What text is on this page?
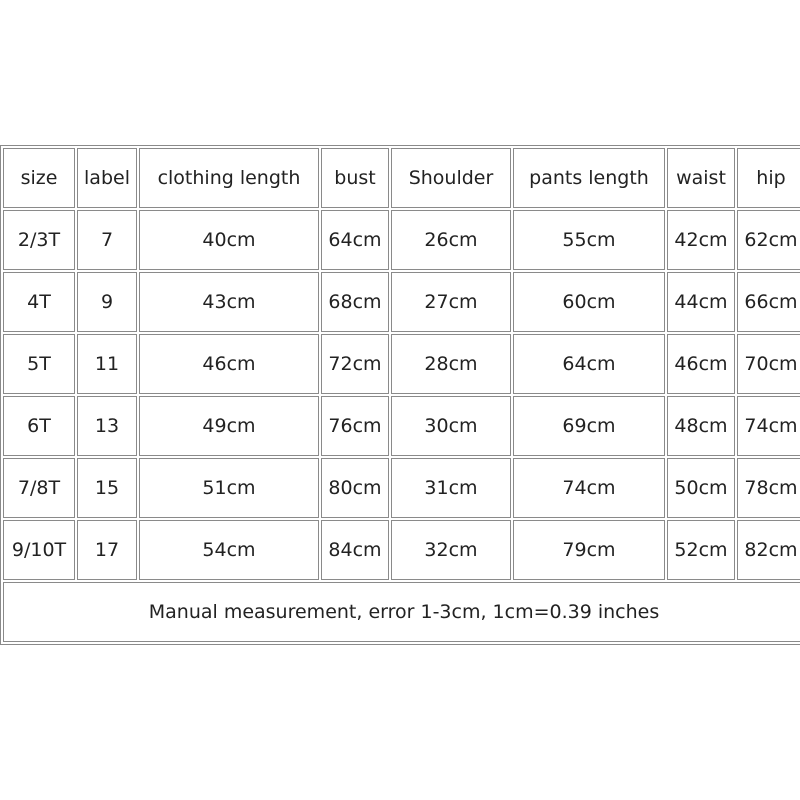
size	label	clothing length	bust	Shoulder	pants length	waist	hip
2/3T	7	40cm	64cm	26cm	55cm	42cm	62cm
4T	9	43cm	68cm	27cm	60cm	44cm	66cm
5T	11	46cm	72cm	28cm	64cm	46cm	70cm
6T	13	49cm	76cm	30cm	69cm	48cm	74cm
7/8T	15	51cm	80cm	31cm	74cm	50cm	78cm
9/10T	17	54cm	84cm	32cm	79cm	52cm	82cm
Manual measurement, error 1-3cm, 1cm=0.39 inches							
